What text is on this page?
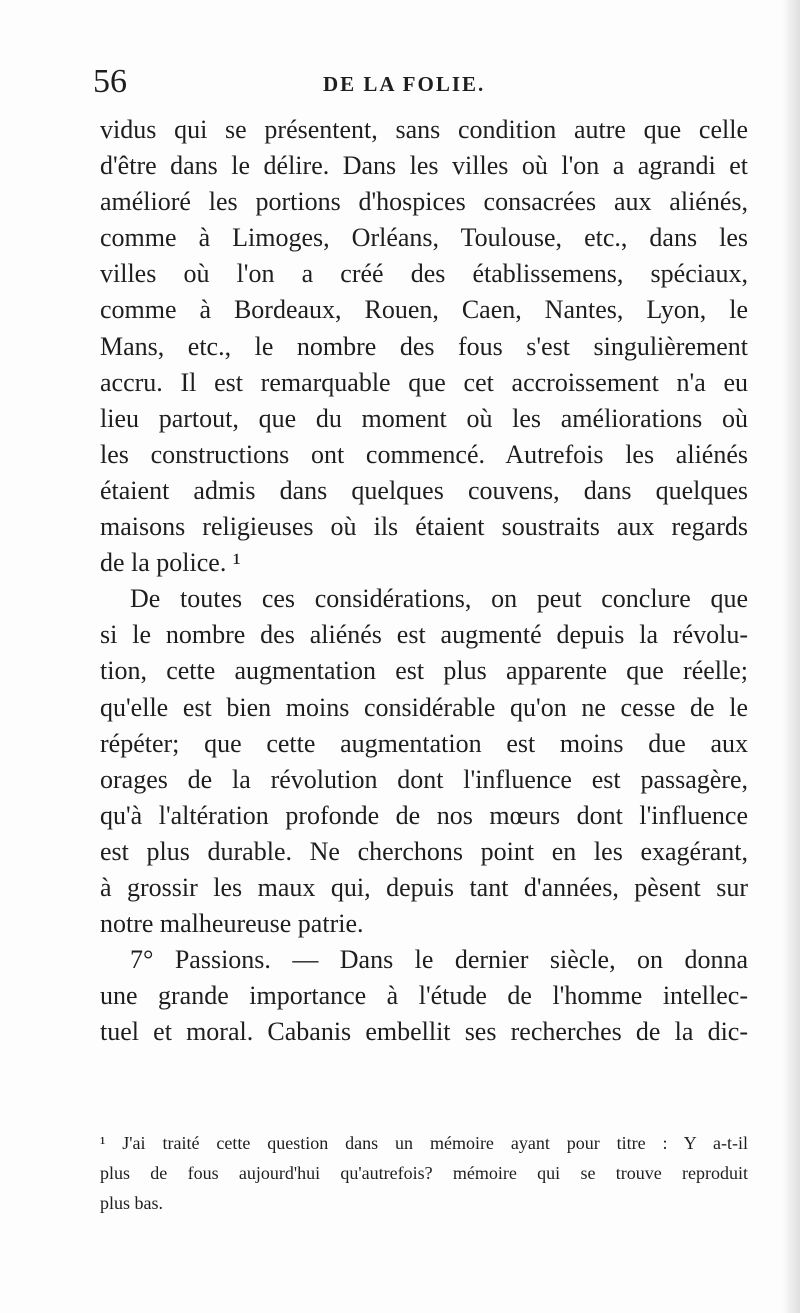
56	DE LA FOLIE.
vidus qui se présentent, sans condition autre que celle
d'être dans le délire. Dans les villes où l'on a agrandi et
amélioré les portions d'hospices consacrées aux aliénés,
comme à Limoges, Orléans, Toulouse, etc., dans les
villes où l'on a créé des établissemens, spéciaux,
comme à Bordeaux, Rouen, Caen, Nantes, Lyon, le
Mans, etc., le nombre des fous s'est singulièrement
accru. Il est remarquable que cet accroissement n'a eu
lieu partout, que du moment où les améliorations où
les constructions ont commencé. Autrefois les aliénés
étaient admis dans quelques couvens, dans quelques
maisons religieuses où ils étaient soustraits aux regards
de la police. ¹
De toutes ces considérations, on peut conclure que
si le nombre des aliénés est augmenté depuis la révolu-
tion, cette augmentation est plus apparente que réelle;
qu'elle est bien moins considérable qu'on ne cesse de le
répéter; que cette augmentation est moins due aux
orages de la révolution dont l'influence est passagère,
qu'à l'altération profonde de nos mœurs dont l'influence
est plus durable. Ne cherchons point en les exagérant,
à grossir les maux qui, depuis tant d'années, pèsent sur
notre malheureuse patrie.
7° Passions. — Dans le dernier siècle, on donna
une grande importance à l'étude de l'homme intellec-
tuel et moral. Cabanis embellit ses recherches de la dic-
¹ J'ai traité cette question dans un mémoire ayant pour titre : Y a-t-il
plus de fous aujourd'hui qu'autrefois? mémoire qui se trouve reproduit
plus bas.
